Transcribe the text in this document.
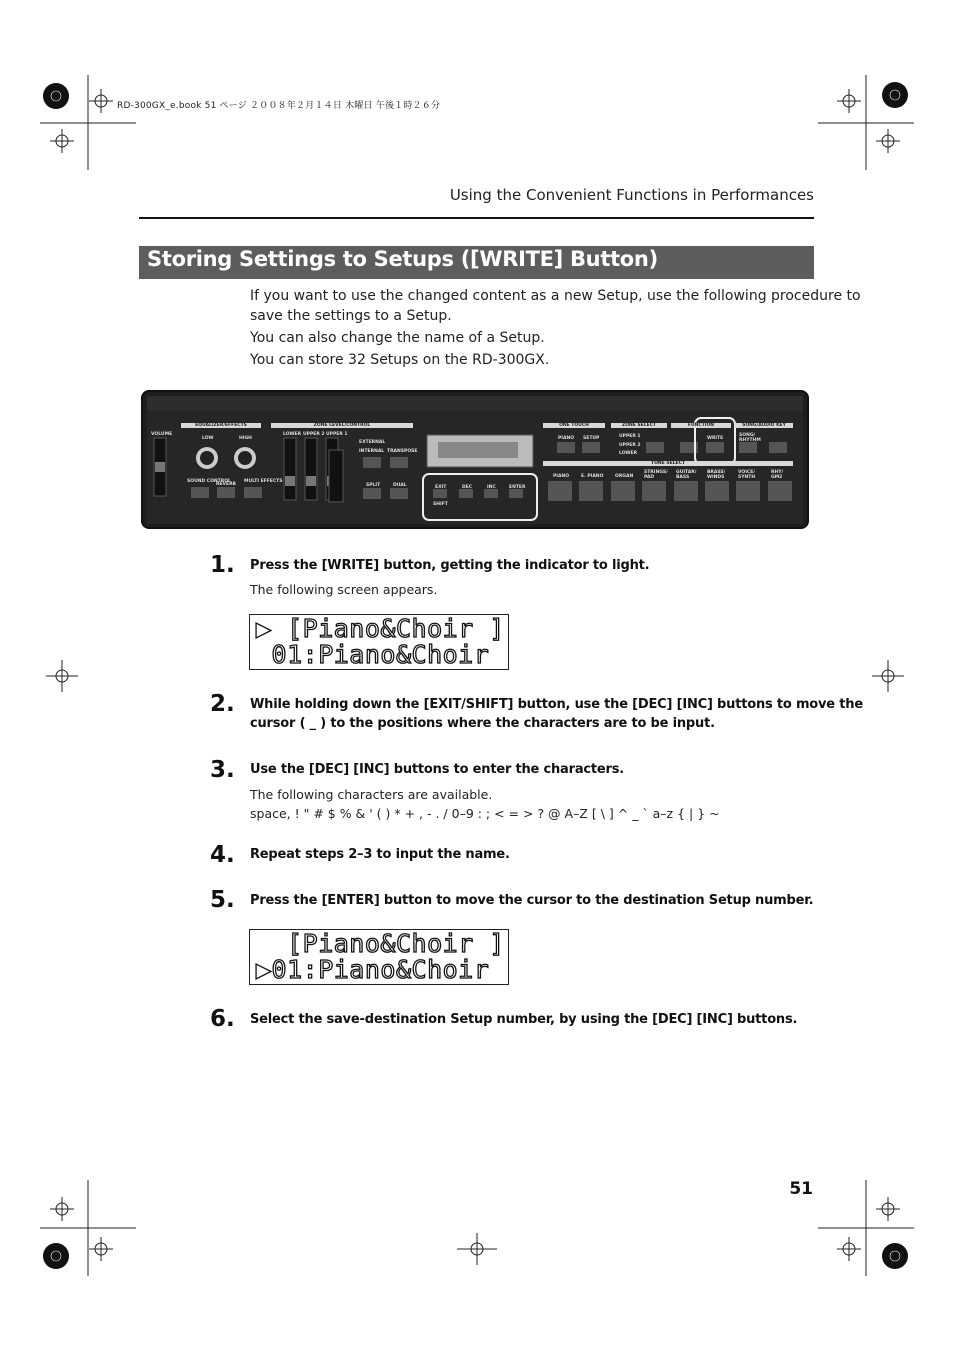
RD-300GX_e.book 51 ページ ２００８年２月１４日 木曜日 午後１時２６分
Using the Convenient Functions in Performances
Storing Settings to Setups ([WRITE] Button)
If you want to use the changed content as a new Setup, use the following procedure to
save the settings to a Setup.
You can also change the name of a Setup.
You can store 32 Setups on the RD-300GX.
EQUALIZER/EFFECTS	ZONE LEVEL/CONTROL	ONE TOUCH	ZONE SELECT	FUNCTION	SONG/AUDIO KEY
TONE SELECT
VOLUME
LOW	HIGH
SOUND CONTROL
REVERB
MULTI EFFECTS
LOWER UPPER 2 UPPER 1
EXTERNAL
INTERNAL TRANSPOSE
SPLIT	DUAL	EXIT	DEC	INC	ENTER
SHIFT
PIANO SETUP	UPPER 1
UPPER 2
LOWER
WRITE
SONG/ RHYTHM
PIANO	E. PIANO	ORGAN
STRINGS/ PAD
GUITAR/ BASS
BRASS/ WINDS
VOICE/ SYNTH
RHY/ GM2
1. Press the [WRITE] button, getting the indicator to light.
The following screen appears.
▶ [Piano&Choir ]
01:Piano&Choir
2. While holding down the [EXIT/SHIFT] button, use the [DEC] [INC] buttons to move the
cursor ( _ ) to the positions where the characters are to be input.
3. Use the [DEC] [INC] buttons to enter the characters.
The following characters are available.
space, ! " # $ % & ' ( ) * + , - . / 0–9 : ; < = > ? @ A–Z [ \ ] ^ _ ` a–z { | } ~
4. Repeat steps 2–3 to input the name.
5. Press the [ENTER] button to move the cursor to the destination Setup number.
[Piano&Choir ]
▶01:Piano&Choir
6. Select the save-destination Setup number, by using the [DEC] [INC] buttons.
51
